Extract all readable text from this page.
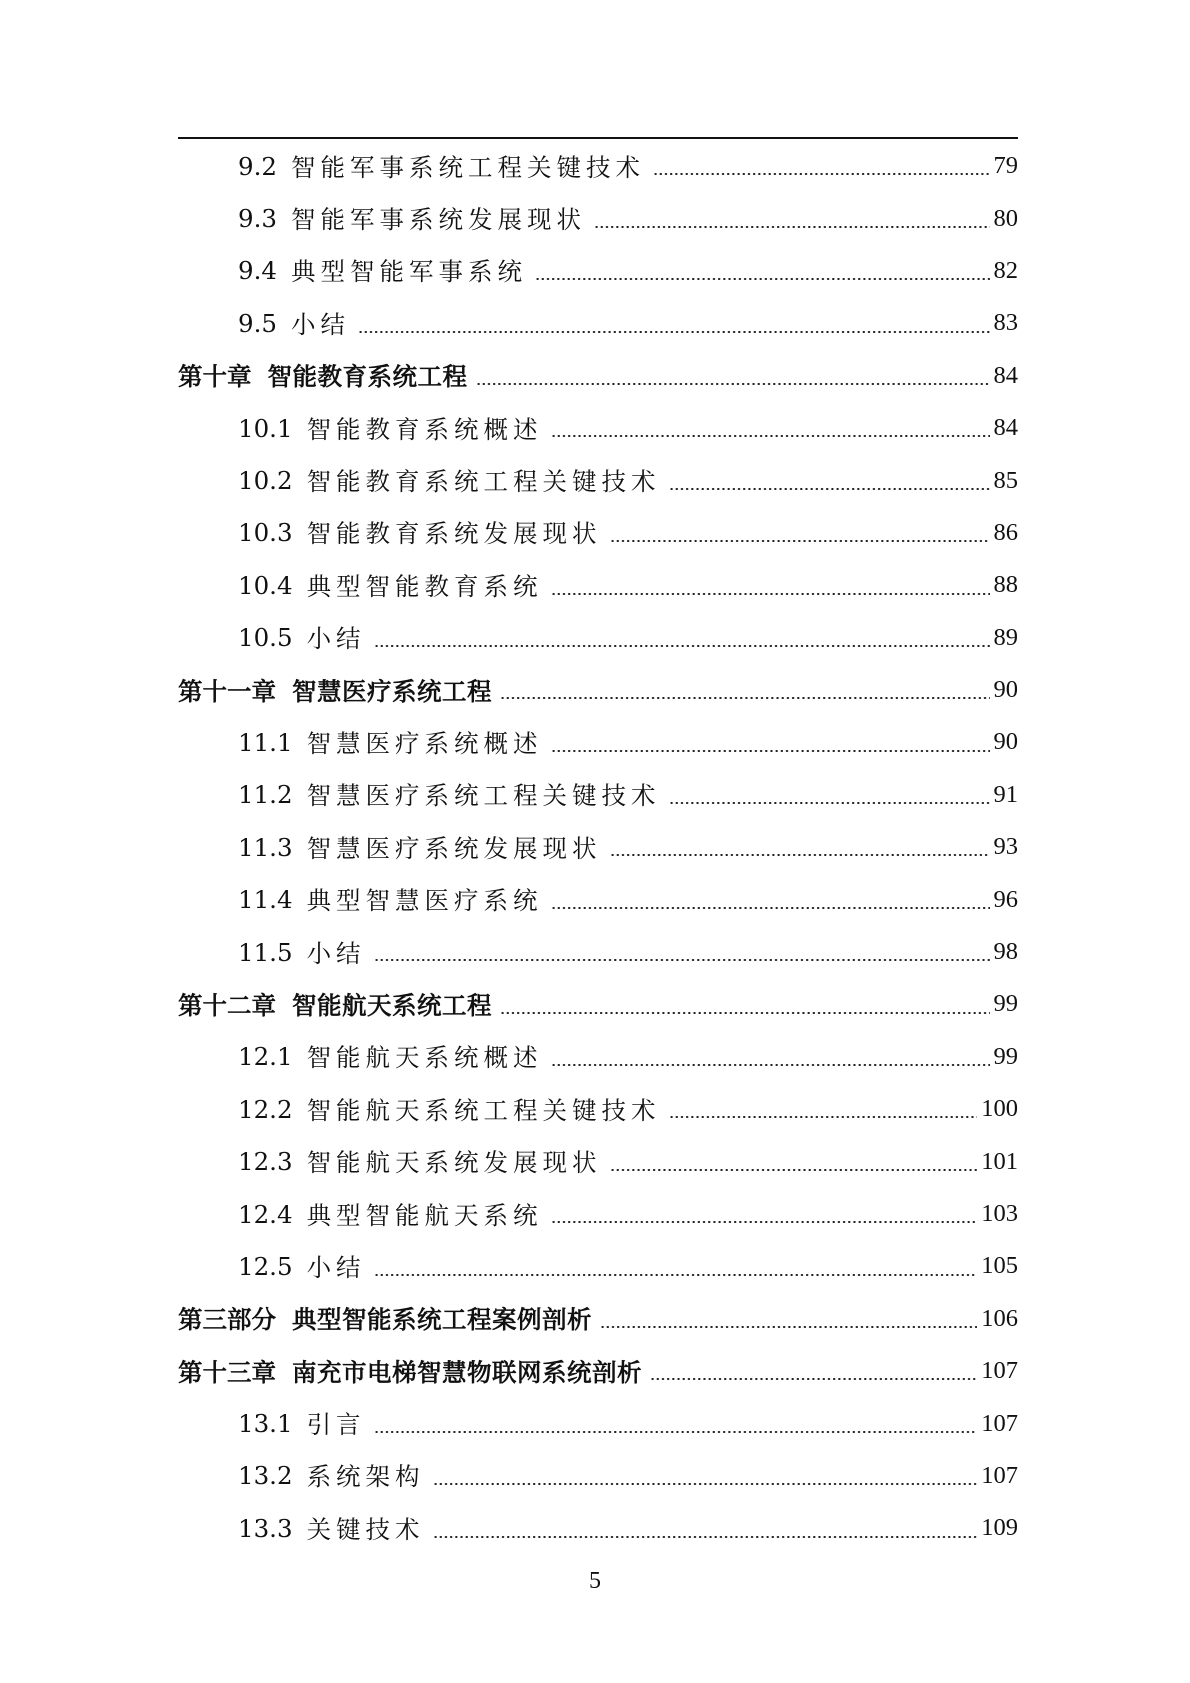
9.2 智能军事系统工程关键技术	79
9.3 智能军事系统发展现状	80
9.4 典型智能军事系统	82
9.5 小结	83
第十章 智能教育系统工程	84
10.1 智能教育系统概述	84
10.2 智能教育系统工程关键技术	85
10.3 智能教育系统发展现状	86
10.4 典型智能教育系统	88
10.5 小结	89
第十一章 智慧医疗系统工程	90
11.1 智慧医疗系统概述	90
11.2 智慧医疗系统工程关键技术	91
11.3 智慧医疗系统发展现状	93
11.4 典型智慧医疗系统	96
11.5 小结	98
第十二章 智能航天系统工程	99
12.1 智能航天系统概述	99
12.2 智能航天系统工程关键技术	100
12.3 智能航天系统发展现状	101
12.4 典型智能航天系统	103
12.5 小结	105
第三部分 典型智能系统工程案例剖析	106
第十三章 南充市电梯智慧物联网系统剖析	107
13.1 引言	107
13.2 系统架构	107
13.3 关键技术	109
5
